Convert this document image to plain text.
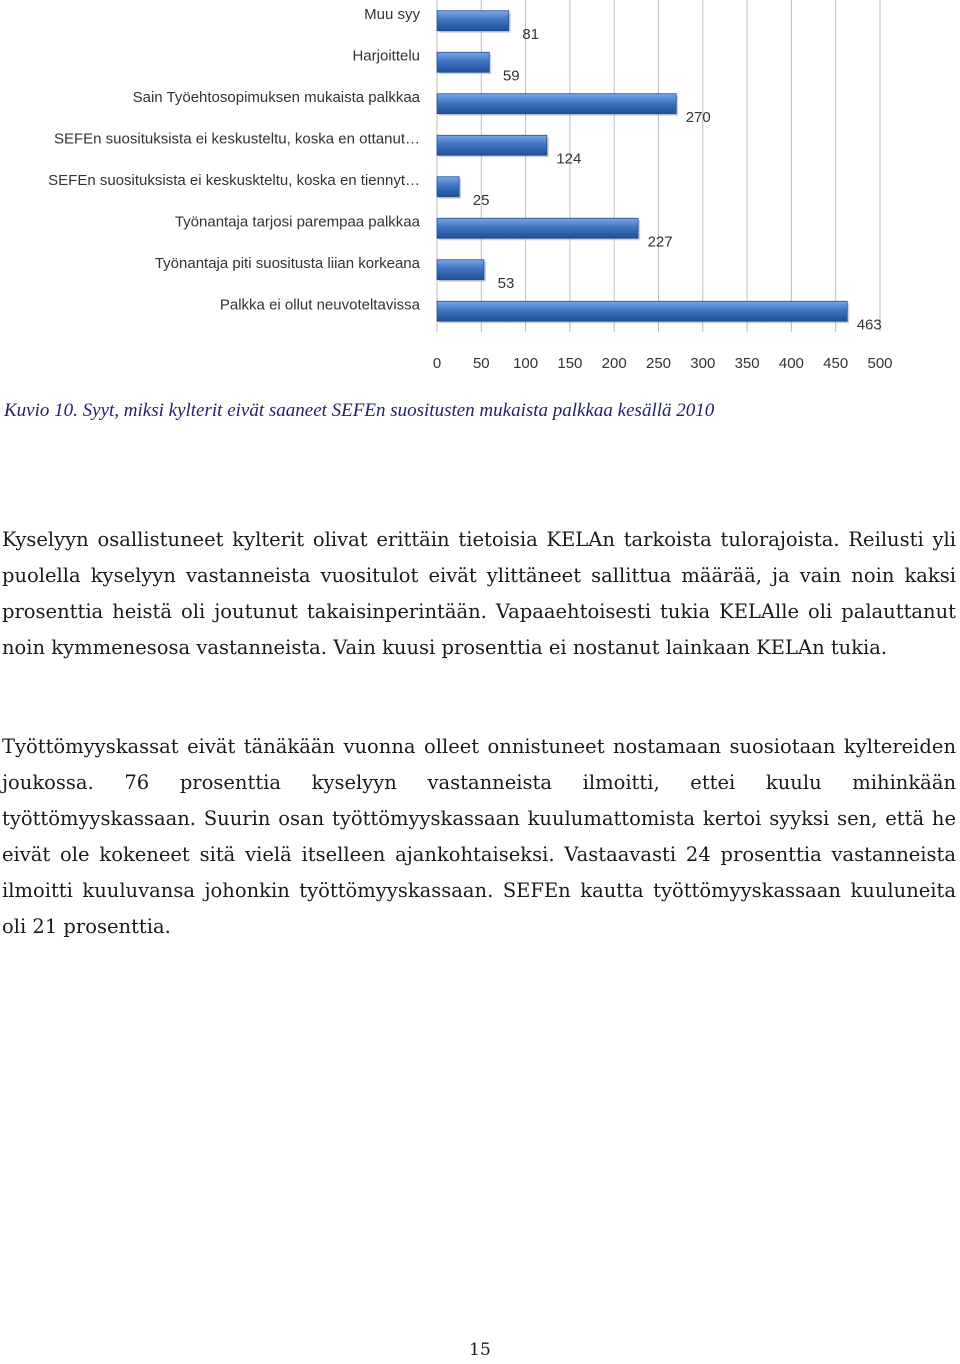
0 50 100 150 200 250 300 350 400 450 500
Muu syy
81
Harjoittelu
59
Sain Työehtosopimuksen mukaista palkkaa
270
SEFEn suosituksista ei keskusteltu, koska en ottanut…
124
SEFEn suosituksista ei keskuskteltu, koska en tiennyt…
25
Työnantaja tarjosi parempaa palkkaa
227
Työnantaja piti suositusta liian korkeana
53
Palkka ei ollut neuvoteltavissa
463

Kuvio 10. Syyt, miksi kylterit eivät saaneet SEFEn suositusten mukaista palkkaa kesällä 2010

Kyselyyn osallistuneet kylterit olivat erittäin tietoisia KELAn tarkoista tulorajoista. Reilusti yli puolella kyselyyn vastanneista vuositulot eivät ylittäneet sallittua määrää, ja vain noin kaksi prosenttia heistä oli joutunut takaisinperintään. Vapaaehtoisesti tukia KELAlle oli palauttanut noin kymmenesosa vastanneista. Vain kuusi prosenttia ei nostanut lainkaan KELAn tukia.

Työttömyyskassat eivät tänäkään vuonna olleet onnistuneet nostamaan suosiotaan kyltereiden joukossa. 76 prosenttia kyselyyn vastanneista ilmoitti, ettei kuulu mihinkään työttömyyskassaan. Suurin osan työttömyyskassaan kuulumattomista kertoi syyksi sen, että he eivät ole kokeneet sitä vielä itselleen ajankohtaiseksi. Vastaavasti 24 prosenttia vastanneista ilmoitti kuuluvansa johonkin työttömyyskassaan. SEFEn kautta työttömyyskassaan kuuluneita oli 21 prosenttia.

15
